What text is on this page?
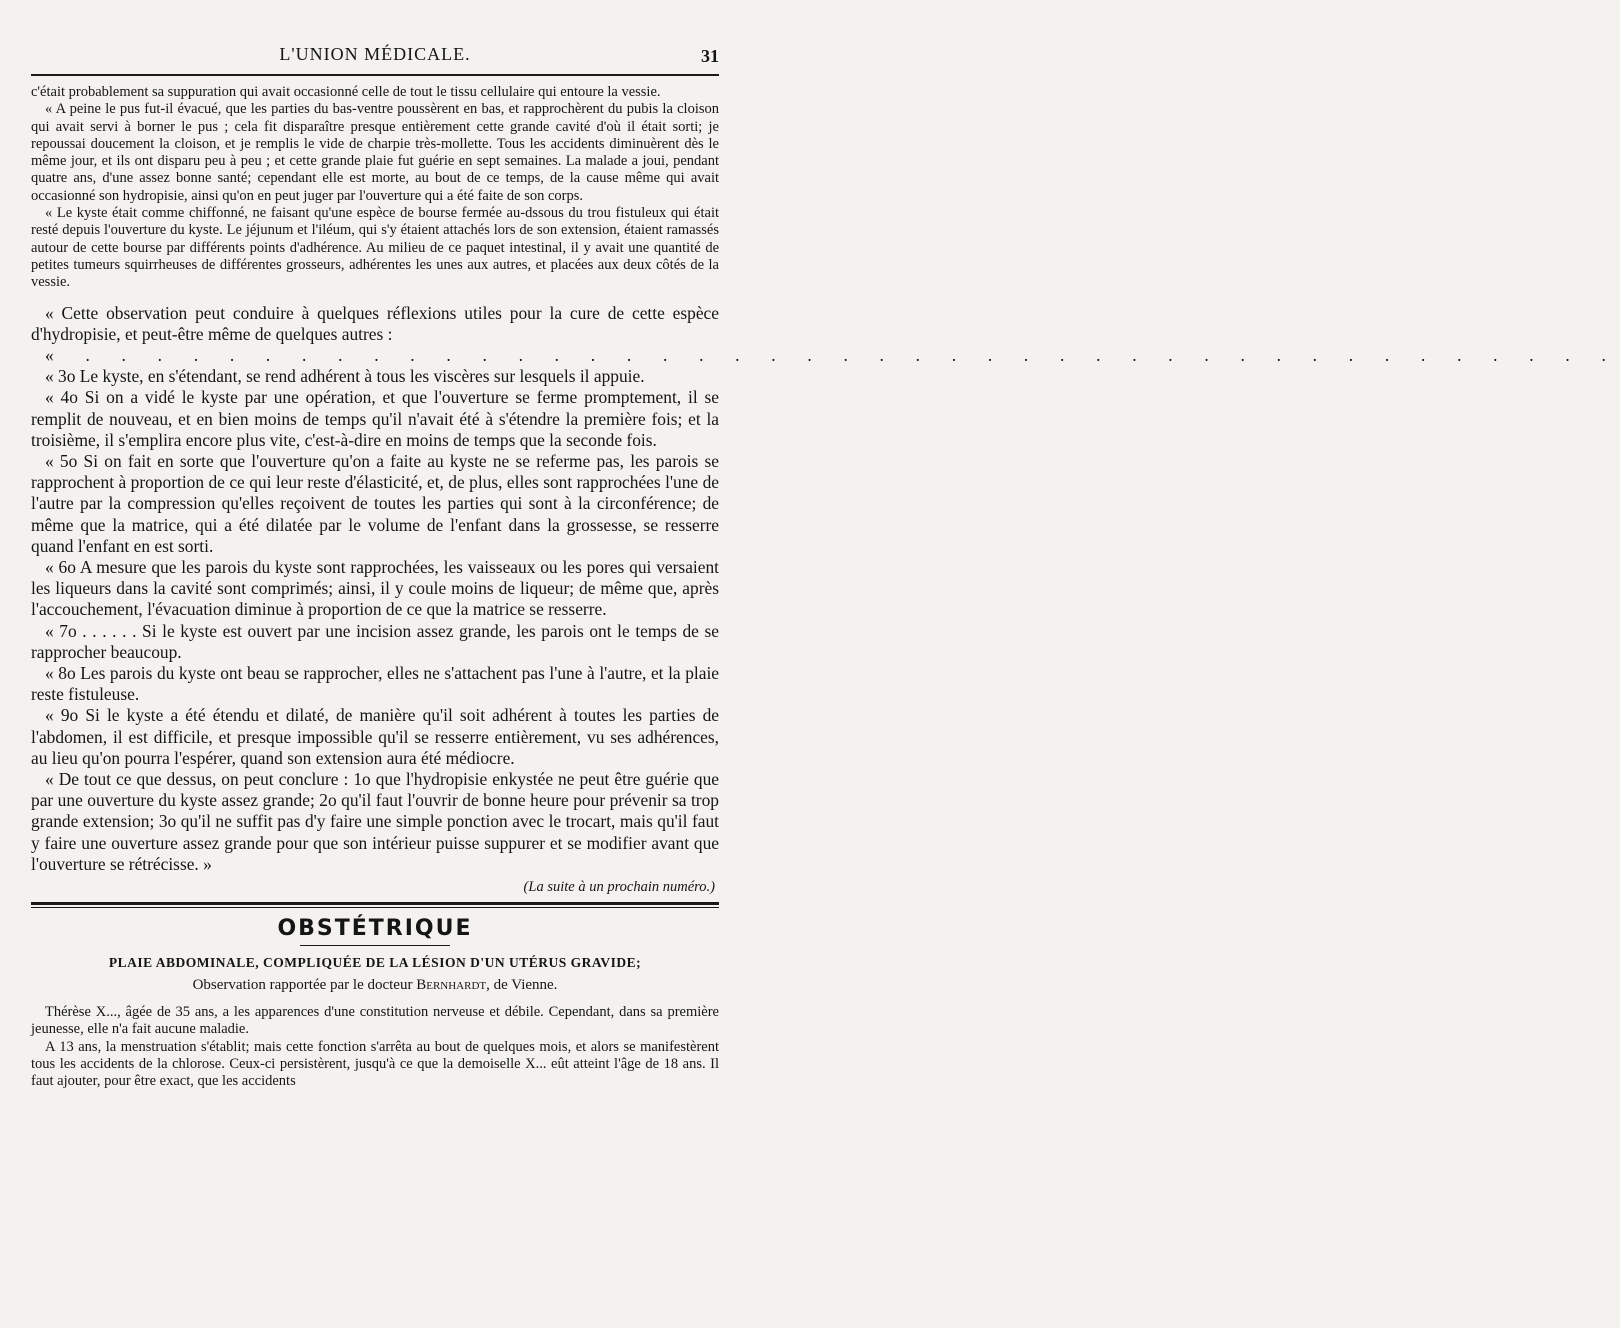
L'UNION MÉDICALE.	31

c'était probablement sa suppuration qui avait occasionné celle de tout le tissu cellulaire qui entoure la vessie.

« A peine le pus fut-il évacué, que les parties du bas-ventre poussèrent en bas, et rapprochèrent du pubis la cloison qui avait servi à borner le pus ; cela fit disparaître presque entièrement cette grande cavité d'où il était sorti; je repoussai doucement la cloison, et je remplis le vide de charpie très-mollette. Tous les accidents diminuèrent dès le même jour, et ils ont disparu peu à peu ; et cette grande plaie fut guérie en sept semaines. La malade a joui, pendant quatre ans, d'une assez bonne santé; cependant elle est morte, au bout de ce temps, de la cause même qui avait occasionné son hydropisie, ainsi qu'on en peut juger par l'ouverture qui a été faite de son corps.

« Le kyste était comme chiffonné, ne faisant qu'une espèce de bourse fermée au-dssous du trou fistuleux qui était resté depuis l'ouverture du kyste. Le jéjunum et l'iléum, qui s'y étaient attachés lors de son extension, étaient ramassés autour de cette bourse par différents points d'adhérence. Au milieu de ce paquet intestinal, il y avait une quantité de petites tumeurs squirrheuses de différentes grosseurs, adhérentes les unes aux autres, et placées aux deux côtés de la vessie.

« Cette observation peut conduire à quelques réflexions utiles pour la cure de cette espèce d'hydropisie, et peut-être même de quelques autres :

« . . . . . . . . . . . . . . . . . . . . . . . . . . . . . . . . . . . . . . . . . . .

« 3o Le kyste, en s'étendant, se rend adhérent à tous les viscères sur lesquels il appuie.

« 4o Si on a vidé le kyste par une opération, et que l'ouverture se ferme promptement, il se remplit de nouveau, et en bien moins de temps qu'il n'avait été à s'étendre la première fois; et la troisième, il s'emplira encore plus vite, c'est-à-dire en moins de temps que la seconde fois.

« 5o Si on fait en sorte que l'ouverture qu'on a faite au kyste ne se referme pas, les parois se rapprochent à proportion de ce qui leur reste d'élasticité, et, de plus, elles sont rapprochées l'une de l'autre par la compression qu'elles reçoivent de toutes les parties qui sont à la circonférence; de même que la matrice, qui a été dilatée par le volume de l'enfant dans la grossesse, se resserre quand l'enfant en est sorti.

« 6o A mesure que les parois du kyste sont rapprochées, les vaisseaux ou les pores qui versaient les liqueurs dans la cavité sont comprimés; ainsi, il y coule moins de liqueur; de même que, après l'accouchement, l'évacuation diminue à proportion de ce que la matrice se resserre.

« 7o . . . . . . Si le kyste est ouvert par une incision assez grande, les parois ont le temps de se rapprocher beaucoup.

« 8o Les parois du kyste ont beau se rapprocher, elles ne s'attachent pas l'une à l'autre, et la plaie reste fistuleuse.

« 9o Si le kyste a été étendu et dilaté, de manière qu'il soit adhérent à toutes les parties de l'abdomen, il est difficile, et presque impossible qu'il se resserre entièrement, vu ses adhérences, au lieu qu'on pourra l'espérer, quand son extension aura été médiocre.

« De tout ce que dessus, on peut conclure : 1o que l'hydropisie enkystée ne peut être guérie que par une ouverture du kyste assez grande; 2o qu'il faut l'ouvrir de bonne heure pour prévenir sa trop grande extension; 3o qu'il ne suffit pas d'y faire une simple ponction avec le trocart, mais qu'il faut y faire une ouverture assez grande pour que son intérieur puisse suppurer et se modifier avant que l'ouverture se rétrécisse. »

(La suite à un prochain numéro.)
OBSTÉTRIQUE
PLAIE ABDOMINALE, COMPLIQUÉE DE LA LÉSION D'UN UTÉRUS GRAVIDE;
Observation rapportée par le docteur Bernhardt, de Vienne.

Thérèse X..., âgée de 35 ans, a les apparences d'une constitution nerveuse et débile. Cependant, dans sa première jeunesse, elle n'a fait aucune maladie.

A 13 ans, la menstruation s'établit; mais cette fonction s'arrêta au bout de quelques mois, et alors se manifestèrent tous les accidents de la chlorose. Ceux-ci persistèrent, jusqu'à ce que la demoiselle X... eût atteint l'âge de 18 ans. Il faut ajouter, pour être exact, que les accidents
